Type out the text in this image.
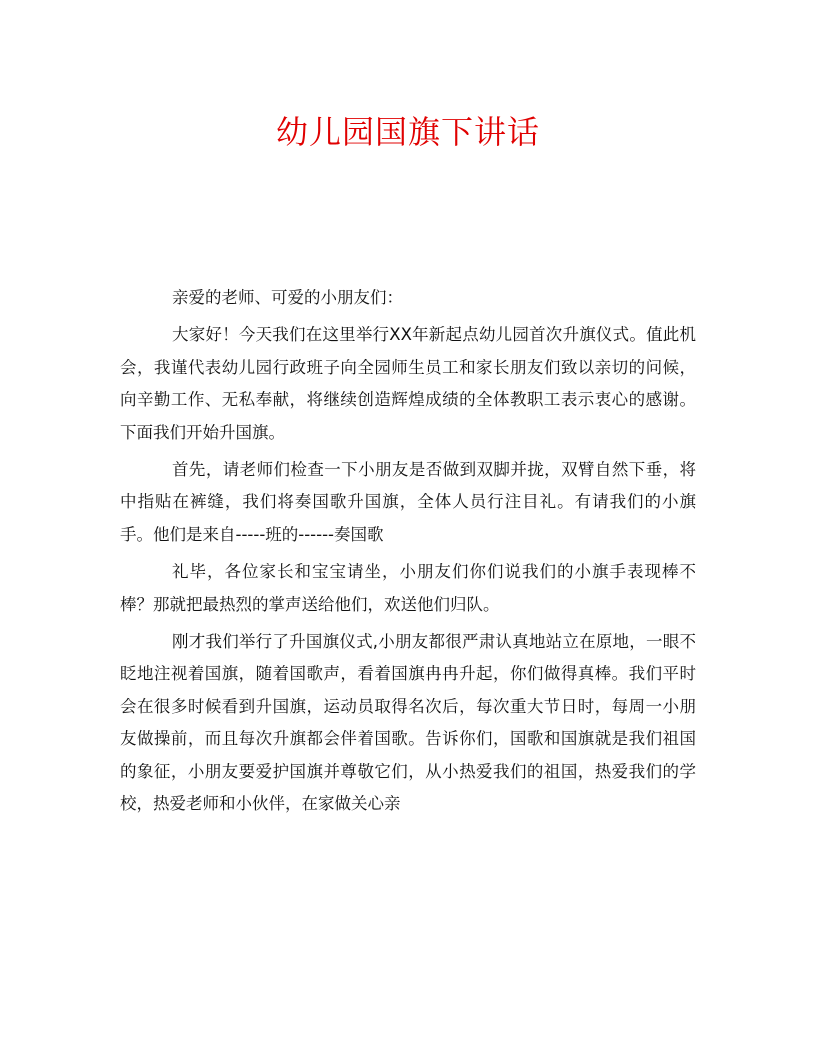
幼儿园国旗下讲话

亲爱的老师、可爱的小朋友们：

大家好！今天我们在这里举行XX年新起点幼儿园首次升旗仪式。值此机会，我谨代表幼儿园行政班子向全园师生员工和家长朋友们致以亲切的问候，向辛勤工作、无私奉献，将继续创造辉煌成绩的全体教职工表示衷心的感谢。下面我们开始升国旗。

首先，请老师们检查一下小朋友是否做到双脚并拢，双臂自然下垂，将中指贴在裤缝，我们将奏国歌升国旗，全体人员行注目礼。有请我们的小旗手。他们是来自-----班的------奏国歌

礼毕，各位家长和宝宝请坐，小朋友们你们说我们的小旗手表现棒不棒？那就把最热烈的掌声送给他们，欢送他们归队。

刚才我们举行了升国旗仪式,小朋友都很严肃认真地站立在原地，一眼不眨地注视着国旗，随着国歌声，看着国旗冉冉升起，你们做得真棒。我们平时会在很多时候看到升国旗，运动员取得名次后，每次重大节日时，每周一小朋友做操前，而且每次升旗都会伴着国歌。告诉你们，国歌和国旗就是我们祖国的象征，小朋友要爱护国旗并尊敬它们，从小热爱我们的祖国，热爱我们的学校，热爱老师和小伙伴，在家做关心亲
